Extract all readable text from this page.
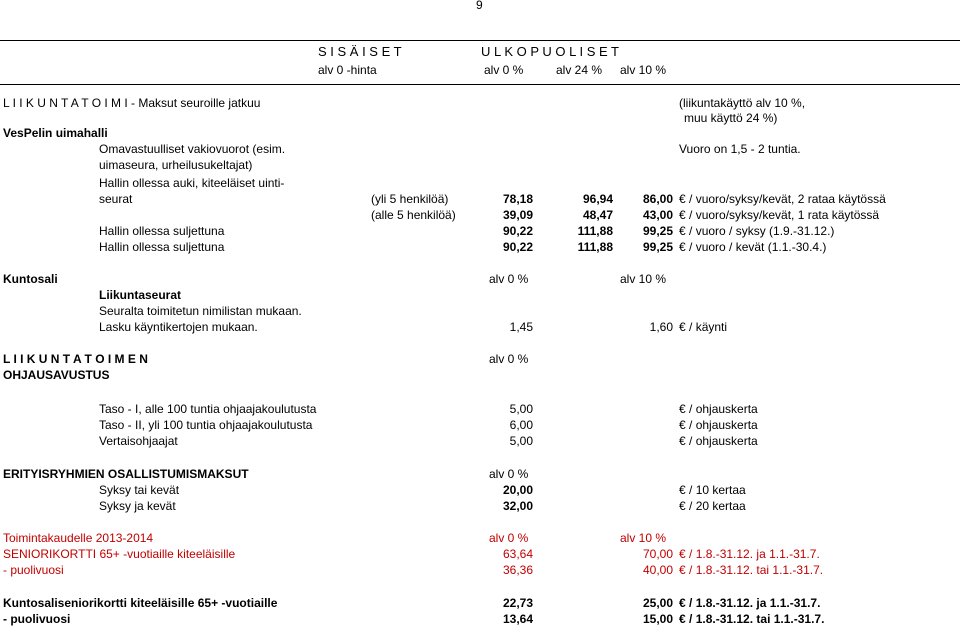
9
S I S Ä I S E T	U L K O P U O L I S E T
alv 0 -hinta	alv 0 %	alv 24 % alv 10 %
L I I K U N T A T O I M I - Maksut seuroille jatkuu	(liikuntakäyttö alv 10 %,
muu käyttö 24 %)
VesPelin uimahalli
Omavastuulliset vakiovuorot (esim.	Vuoro on 1,5 - 2 tuntia.
uimaseura, urheilusukeltajat)
Hallin ollessa auki, kiteeläiset uinti-
seurat	(yli 5 henkilöä)	78,18	96,94	86,00 € / vuoro/syksy/kevät, 2 rataa käytössä
(alle 5 henkilöä)	39,09	48,47	43,00 € / vuoro/syksy/kevät, 1 rata käytössä
Hallin ollessa suljettuna	90,22	111,88	99,25 € / vuoro / syksy (1.9.-31.12.)
Hallin ollessa suljettuna	90,22	111,88	99,25 € / vuoro / kevät (1.1.-30.4.)
Kuntosali	alv 0 %	alv 10 %
Liikuntaseurat
Seuralta toimitetun nimilistan mukaan.
Lasku käyntikertojen mukaan.	1,45	1,60 € / käynti
L I I K U N T A T O I M E N	alv 0 %
OHJAUSAVUSTUS
Taso - I, alle 100 tuntia ohjaajakoulutusta	5,00	€ / ohjauskerta
Taso - II, yli 100 tuntia ohjaajakoulutusta	6,00	€ / ohjauskerta
Vertaisohjaajat	5,00	€ / ohjauskerta
ERITYISRYHMIEN OSALLISTUMISMAKSUT	alv 0 %
Syksy tai kevät	20,00	€ / 10 kertaa
Syksy ja kevät	32,00	€ / 20 kertaa
Toimintakaudelle 2013-2014	alv 0 %	alv 10 %
SENIORIKORTTI 65+ -vuotiaille kiteeläisille	63,64	70,00 € / 1.8.-31.12. ja 1.1.-31.7.
- puolivuosi	36,36	40,00 € / 1.8.-31.12. tai 1.1.-31.7.
Kuntosaliseniorikortti kiteeläisille 65+ -vuotiaille	22,73	25,00 € / 1.8.-31.12. ja 1.1.-31.7.
- puolivuosi	13,64	15,00 € / 1.8.-31.12. tai 1.1.-31.7.
